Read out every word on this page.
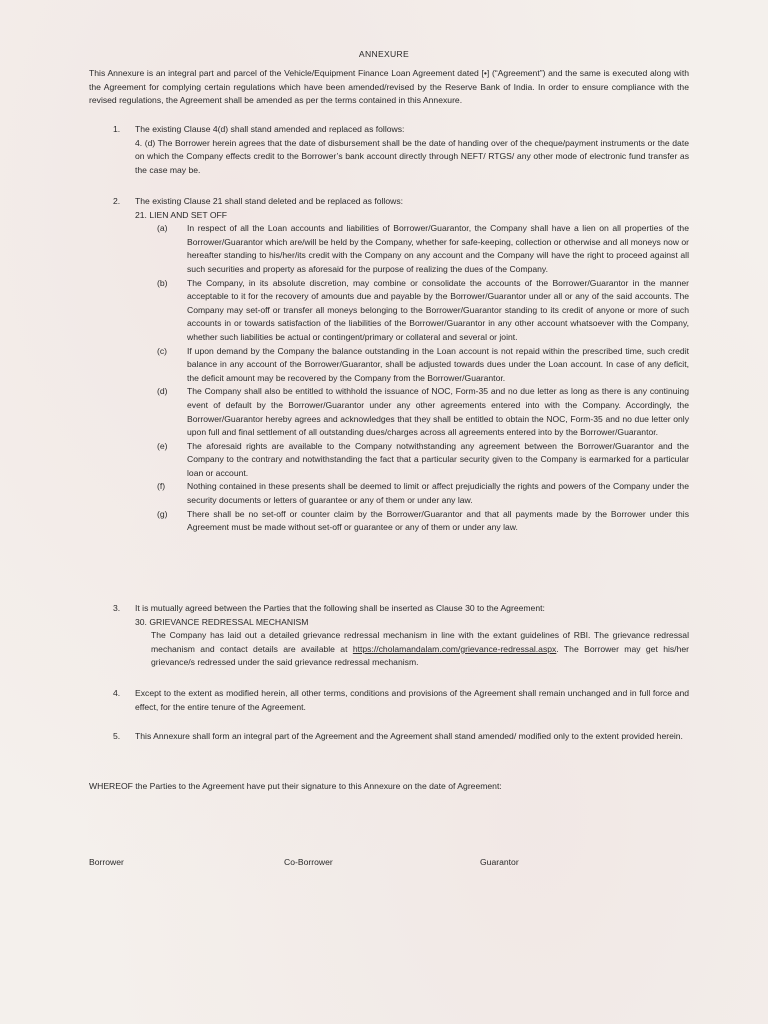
ANNEXURE
This Annexure is an integral part and parcel of the Vehicle/Equipment Finance Loan Agreement dated [•] (“Agreement”) and the same is executed along with the Agreement for complying certain regulations which have been amended/revised by the Reserve Bank of India. In order to ensure compliance with the revised regulations, the Agreement shall be amended as per the terms contained in this Annexure.
1. The existing Clause 4(d) shall stand amended and replaced as follows:
4. (d) The Borrower herein agrees that the date of disbursement shall be the date of handing over of the cheque/payment instruments or the date on which the Company effects credit to the Borrower’s bank account directly through NEFT/ RTGS/ any other mode of electronic fund transfer as the case may be.
2. The existing Clause 21 shall stand deleted and be replaced as follows:
21. LIEN AND SET OFF
(a) In respect of all the Loan accounts and liabilities of Borrower/Guarantor, the Company shall have a lien on all properties of the Borrower/Guarantor which are/will be held by the Company, whether for safe-keeping, collection or otherwise and all moneys now or hereafter standing to his/her/its credit with the Company on any account and the Company will have the right to proceed against all such securities and property as aforesaid for the purpose of realizing the dues of the Company.
(b) The Company, in its absolute discretion, may combine or consolidate the accounts of the Borrower/Guarantor in the manner acceptable to it for the recovery of amounts due and payable by the Borrower/Guarantor under all or any of the said accounts. The Company may set-off or transfer all moneys belonging to the Borrower/Guarantor standing to its credit of anyone or more of such accounts in or towards satisfaction of the liabilities of the Borrower/Guarantor in any other account whatsoever with the Company, whether such liabilities be actual or contingent/primary or collateral and several or joint.
(c) If upon demand by the Company the balance outstanding in the Loan account is not repaid within the prescribed time, such credit balance in any account of the Borrower/Guarantor, shall be adjusted towards dues under the Loan account. In case of any deficit, the deficit amount may be recovered by the Company from the Borrower/Guarantor.
(d) The Company shall also be entitled to withhold the issuance of NOC, Form-35 and no due letter as long as there is any continuing event of default by the Borrower/Guarantor under any other agreements entered into with the Company. Accordingly, the Borrower/Guarantor hereby agrees and acknowledges that they shall be entitled to obtain the NOC, Form-35 and no due letter only upon full and final settlement of all outstanding dues/charges across all agreements entered into by the Borrower/Guarantor.
(e) The aforesaid rights are available to the Company notwithstanding any agreement between the Borrower/Guarantor and the Company to the contrary and notwithstanding the fact that a particular security given to the Company is earmarked for a particular loan or account.
(f)	Nothing contained in these presents shall be deemed to limit or affect prejudicially the rights and powers of the Company under the security documents or letters of guarantee or any of them or under any law.
(g) There shall be no set-off or counter claim by the Borrower/Guarantor and that all payments made by the Borrower under this Agreement must be made without set-off or guarantee or any of them or under any law.
3. It is mutually agreed between the Parties that the following shall be inserted as Clause 30 to the Agreement:
30. GRIEVANCE REDRESSAL MECHANISM
The Company has laid out a detailed grievance redressal mechanism in line with the extant guidelines of RBI. The grievance redressal mechanism and contact details are available at https://cholamandalam.com/grievance-redressal.aspx. The Borrower may get his/her grievance/s redressed under the said grievance redressal mechanism.
4. Except to the extent as modified herein, all other terms, conditions and provisions of the Agreement shall remain unchanged and in full force and effect, for the entire tenure of the Agreement.
5. This Annexure shall form an integral part of the Agreement and the Agreement shall stand amended/ modified only to the extent provided herein.
WHEREOF the Parties to the Agreement have put their signature to this Annexure on the date of Agreement:
Borrower	Co-Borrower	Guarantor
